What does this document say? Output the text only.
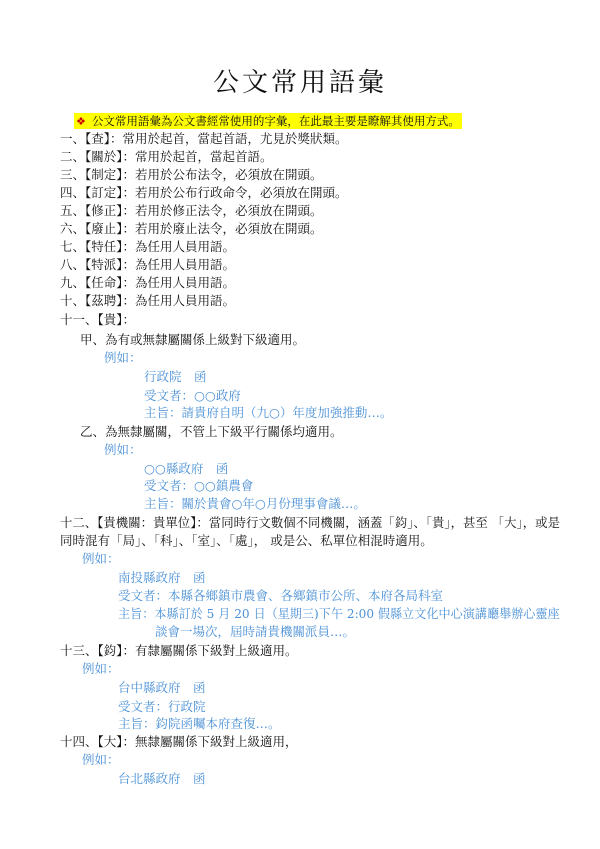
公文常用語彙
❖ 公文常用語彙為公文書經常使用的字彙，在此最主要是瞭解其使用方式。
一、【查】：常用於起首，當起首語，尤見於獎狀類。
二、【關於】：常用於起首，當起首語。
三、【制定】：若用於公布法令，必須放在開頭。
四、【訂定】：若用於公布行政命令，必須放在開頭。
五、【修正】：若用於修正法令，必須放在開頭。
六、【廢止】：若用於廢止法令，必須放在開頭。
七、【特任】：為任用人員用語。
八、【特派】：為任用人員用語。
九、【任命】：為任用人員用語。
十、【茲聘】：為任用人員用語。
十一、【貴】：
甲、為有或無隸屬關係上級對下級適用。
例如：
行政院　函
受文者：○○政府
主旨：請貴府自明（九○）年度加強推動…。
乙、為無隸屬關，不管上下級平行關係均適用。
例如：
○○縣政府　函
受文者：○○鎮農會
主旨：關於貴會○年○月份理事會議…。
十二、【貴機關：貴單位】：當同時行文數個不同機關，涵蓋「鈞」、「貴」，甚至 「大」，或是
同時混有「局」、「科」、「室」、「處」， 或是公、私單位相混時適用。
例如：
南投縣政府　函
受文者：本縣各鄉鎮市農會、各鄉鎮市公所、本府各局科室
主旨：本縣訂於 5 月 20 日（星期三)下午 2:00 假縣立文化中心演講廳舉辦心靈座
談會一場次，屆時請貴機關派員…。
十三、【鈞】：有隸屬關係下級對上級適用。
例如：
台中縣政府　函
受文者：行政院
主旨：鈞院函囑本府查復…。
十四、【大】：無隸屬關係下級對上級適用，
例如：
台北縣政府　函
